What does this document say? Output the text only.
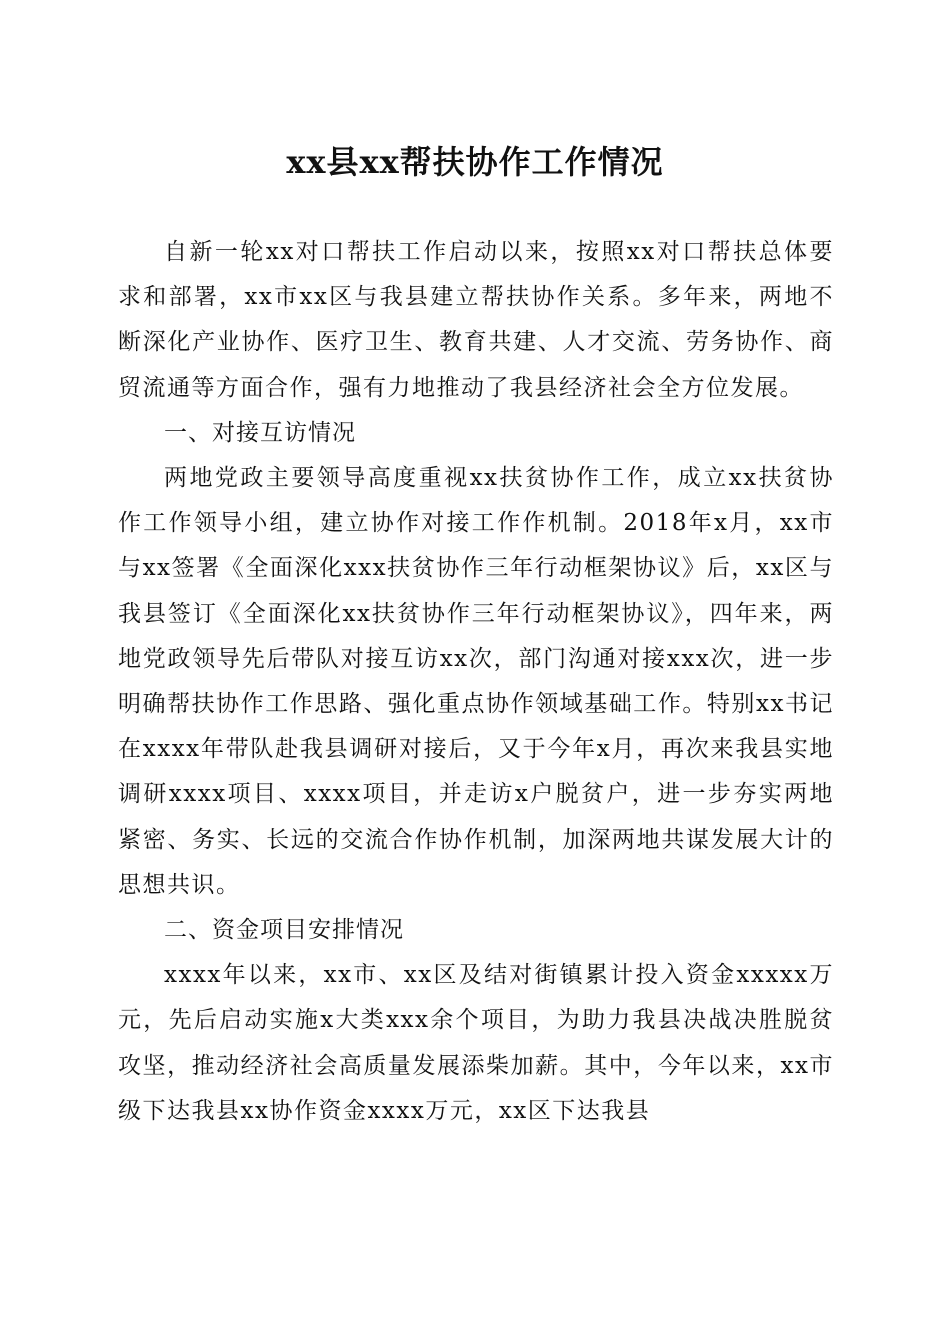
xx县xx帮扶协作工作情况

自新一轮xx对口帮扶工作启动以来，按照xx对口帮扶总体要求和部署，xx市xx区与我县建立帮扶协作关系。多年来，两地不断深化产业协作、医疗卫生、教育共建、人才交流、劳务协作、商贸流通等方面合作，强有力地推动了我县经济社会全方位发展。

一、对接互访情况

两地党政主要领导高度重视xx扶贫协作工作，成立xx扶贫协作工作领导小组，建立协作对接工作作机制。2018年x月，xx市与xx签署《全面深化xxx扶贫协作三年行动框架协议》后，xx区与我县签订《全面深化xx扶贫协作三年行动框架协议》，四年来，两地党政领导先后带队对接互访xx次，部门沟通对接xxx次，进一步明确帮扶协作工作思路、强化重点协作领域基础工作。特别xx书记在xxxx年带队赴我县调研对接后，又于今年x月，再次来我县实地调研xxxx项目、xxxx项目，并走访x户脱贫户，进一步夯实两地紧密、务实、长远的交流合作协作机制，加深两地共谋发展大计的思想共识。

二、资金项目安排情况

xxxx年以来，xx市、xx区及结对街镇累计投入资金xxxxx万元，先后启动实施x大类xxx余个项目，为助力我县决战决胜脱贫攻坚，推动经济社会高质量发展添柴加薪。其中，今年以来，xx市级下达我县xx协作资金xxxx万元，xx区下达我县
